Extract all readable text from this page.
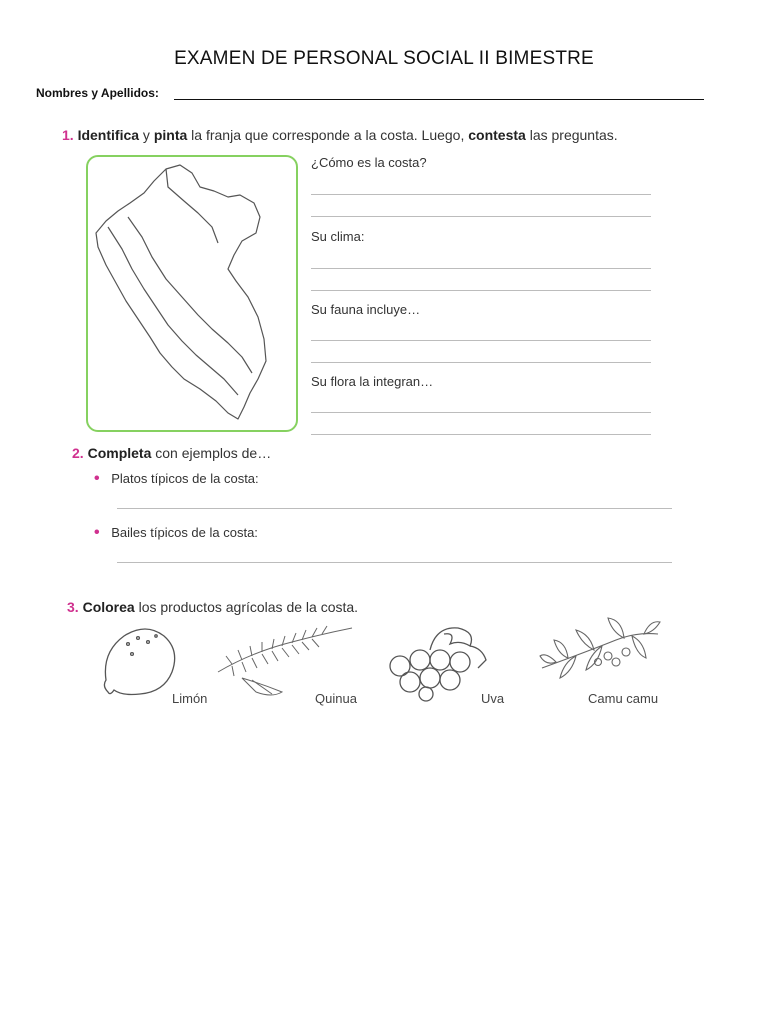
EXAMEN DE PERSONAL SOCIAL II BIMESTRE
Nombres y Apellidos:
1. Identifica y pinta la franja que corresponde a la costa. Luego, contesta las preguntas.
¿Cómo es la costa?
Su clima:
Su fauna incluye…
Su flora la integran…
2. Completa con ejemplos de…
• Platos típicos de la costa:
• Bailes típicos de la costa:
3. Colorea los productos agrícolas de la costa.
Limón	Quinua	Uva	Camu camu
